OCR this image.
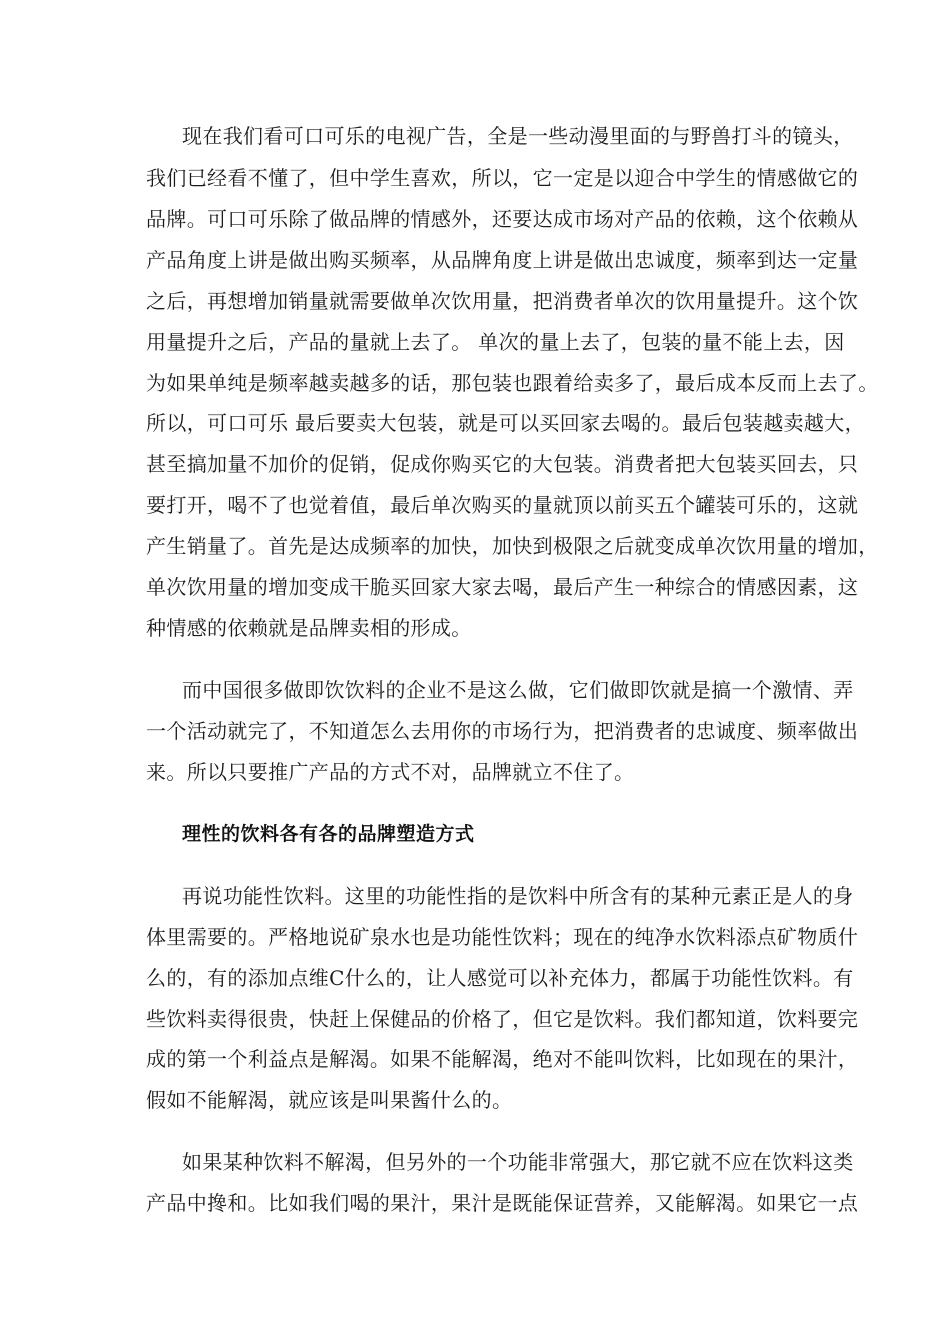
现在我们看可口可乐的电视广告，全是一些动漫里面的与野兽打斗的镜头，
我们已经看不懂了，但中学生喜欢，所以，它一定是以迎合中学生的情感做它的
品牌。可口可乐除了做品牌的情感外，还要达成市场对产品的依赖，这个依赖从
产品角度上讲是做出购买频率，从品牌角度上讲是做出忠诚度，频率到达一定量
之后，再想增加销量就需要做单次饮用量，把消费者单次的饮用量提升。这个饮
用量提升之后，产品的量就上去了。 单次的量上去了，包装的量不能上去，因
为如果单纯是频率越卖越多的话，那包装也跟着给卖多了，最后成本反而上去了。
所以，可口可乐 最后要卖大包装，就是可以买回家去喝的。最后包装越卖越大，
甚至搞加量不加价的促销，促成你购买它的大包装。消费者把大包装买回去，只
要打开，喝不了也觉着值，最后单次购买的量就顶以前买五个罐装可乐的，这就
产生销量了。首先是达成频率的加快，加快到极限之后就变成单次饮用量的增加，
单次饮用量的增加变成干脆买回家大家去喝，最后产生一种综合的情感因素，这
种情感的依赖就是品牌卖相的形成。
而中国很多做即饮饮料的企业不是这么做，它们做即饮就是搞一个激情、弄
一个活动就完了，不知道怎么去用你的市场行为，把消费者的忠诚度、频率做出
来。所以只要推广产品的方式不对，品牌就立不住了。
理性的饮料各有各的品牌塑造方式
再说功能性饮料。这里的功能性指的是饮料中所含有的某种元素正是人的身
体里需要的。严格地说矿泉水也是功能性饮料；现在的纯净水饮料添点矿物质什
么的，有的添加点维C什么的，让人感觉可以补充体力，都属于功能性饮料。有
些饮料卖得很贵，快赶上保健品的价格了，但它是饮料。我们都知道，饮料要完
成的第一个利益点是解渴。如果不能解渴，绝对不能叫饮料，比如现在的果汁，
假如不能解渴，就应该是叫果酱什么的。
如果某种饮料不解渴，但另外的一个功能非常强大，那它就不应在饮料这类
产品中搀和。比如我们喝的果汁，果汁是既能保证营养，又能解渴。如果它一点
